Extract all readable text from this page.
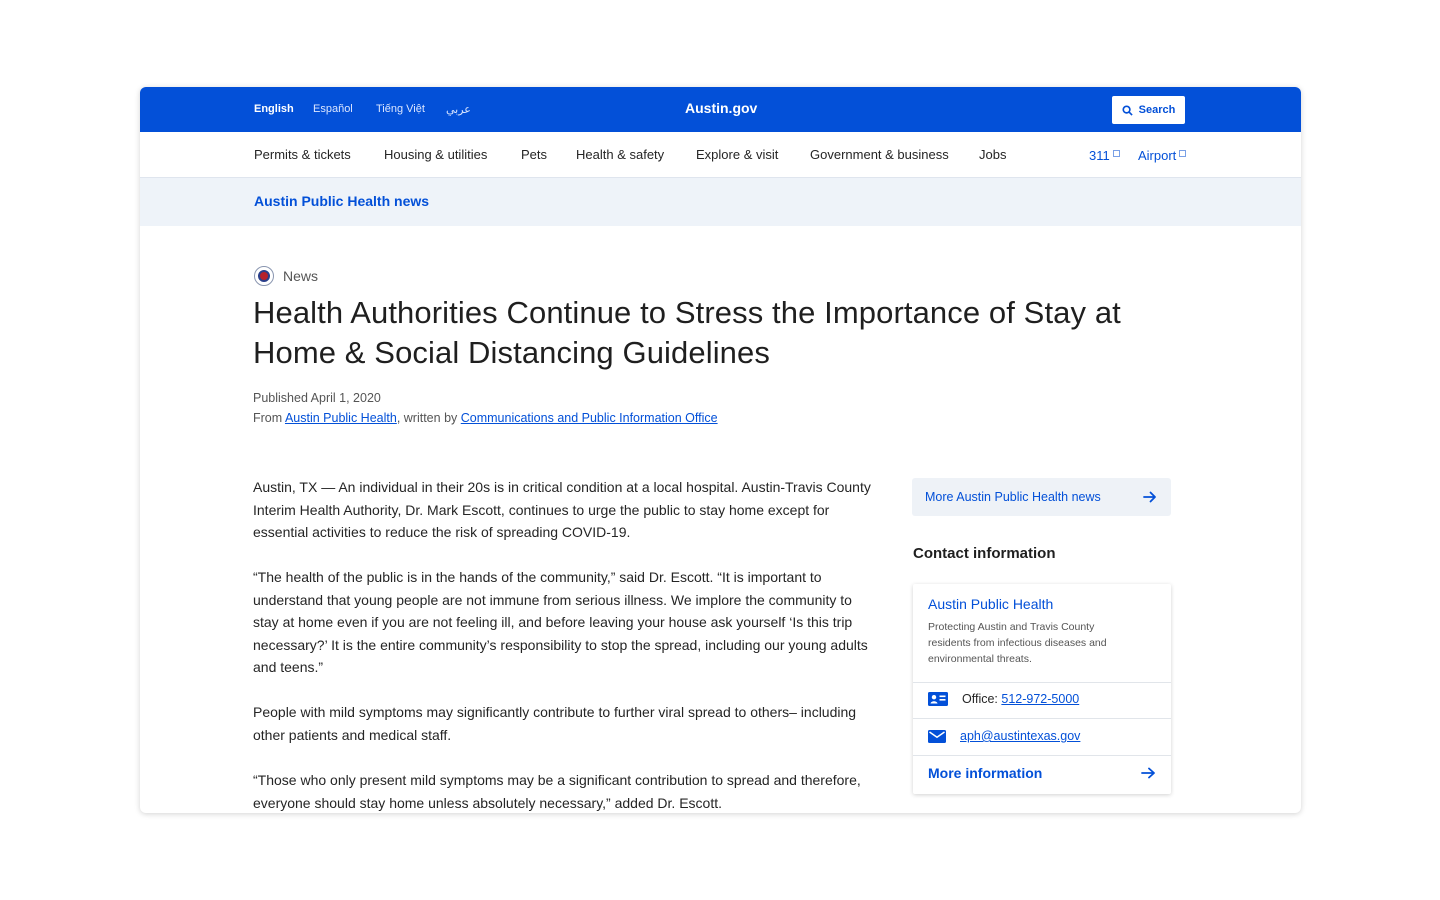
English Español Tiếng Việt عربي	Austin.gov	Search
Permits & tickets	Housing & utilities	Pets Health & safety Explore & visit Government & business Jobs	311 Airport
Austin Public Health news
News
Health Authorities Continue to Stress the Importance of Stay at Home & Social Distancing Guidelines
Published April 1, 2020
From Austin Public Health, written by Communications and Public Information Office

Austin, TX — An individual in their 20s is in critical condition at a local hospital. Austin-Travis County Interim Health Authority, Dr. Mark Escott, continues to urge the public to stay home except for essential activities to reduce the risk of spreading COVID-19.

“The health of the public is in the hands of the community,” said Dr. Escott. “It is important to understand that young people are not immune from serious illness. We implore the community to stay at home even if you are not feeling ill, and before leaving your house ask yourself ‘Is this trip necessary?’ It is the entire community’s responsibility to stop the spread, including our young adults and teens.”

People with mild symptoms may significantly contribute to further viral spread to others– including other patients and medical staff.

“Those who only present mild symptoms may be a significant contribution to spread and therefore, everyone should stay home unless absolutely necessary,” added Dr. Escott.

More Austin Public Health news
Contact information
Austin Public Health
Protecting Austin and Travis County residents from infectious diseases and environmental threats.
Office: 512-972-5000
aph@austintexas.gov
More information
